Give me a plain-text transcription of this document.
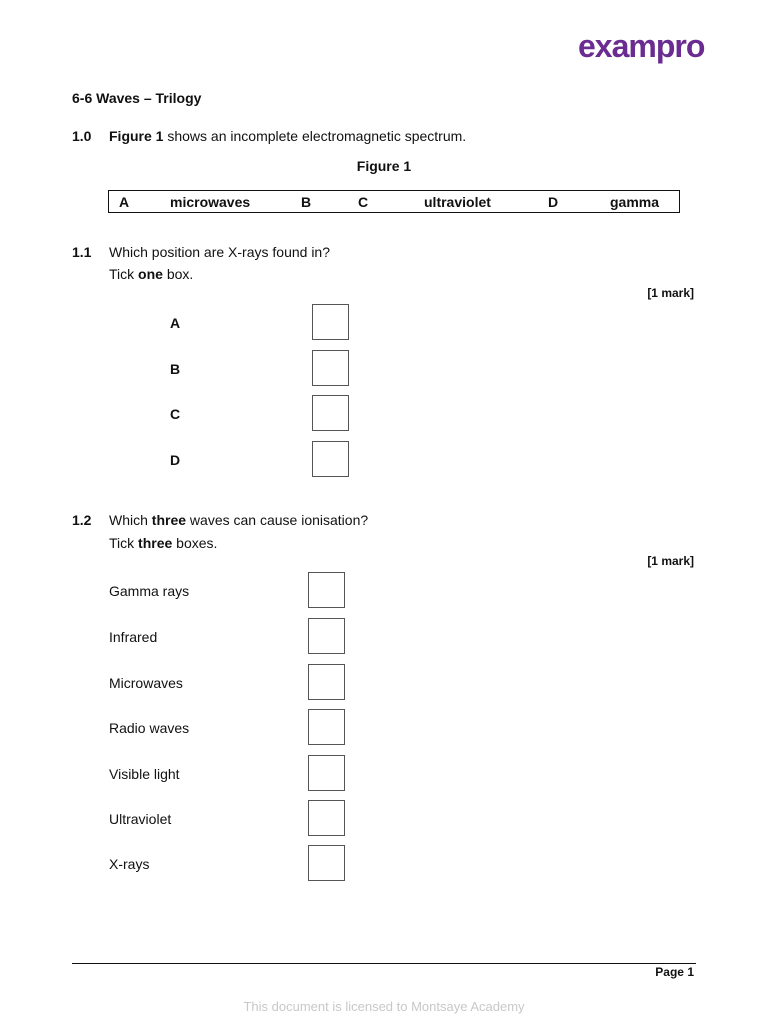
exampro
6-6 Waves – Trilogy
1.0 Figure 1 shows an incomplete electromagnetic spectrum.
Figure 1
A	microwaves	B	C	ultraviolet	D	gamma
1.1 Which position are X-rays found in?
Tick one box.
[1 mark]
A
B
C
D
1.2 Which three waves can cause ionisation?
Tick three boxes.
[1 mark]
Gamma rays
Infrared
Microwaves
Radio waves
Visible light
Ultraviolet
X-rays
Page 1
This document is licensed to Montsaye Academy
